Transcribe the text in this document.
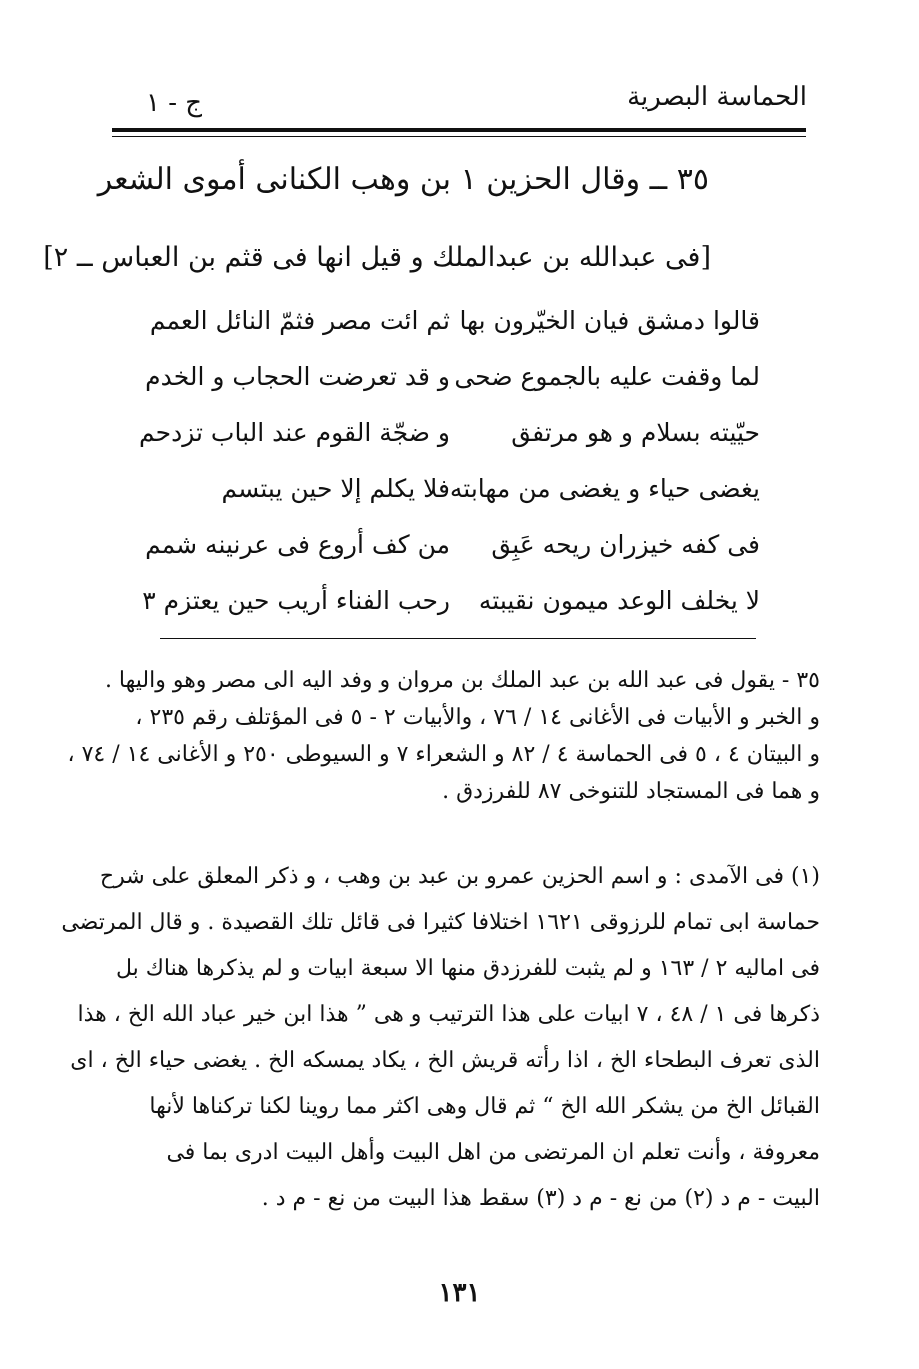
الحماسة البصرية
ج - ١
٣٥ ــ وقال الحزين ١ بن وهب الكنانى أموى الشعر
[فى عبدالله بن عبدالملك و قيل انها فى قثم بن العباس ــ ٢]
قالوا دمشق فيان الخيّرون بها
ثم ائت مصر فثمّ النائل العمم
لما وقفت عليه بالجموع ضحى
و قد تعرضت الحجاب و الخدم
حيّيته بسلام و هو مرتفق
و ضجّة القوم عند الباب تزدحم
يغضى حياء و يغضى من مهابته
فلا يكلم إلا حين يبتسم
فى كفه خيزران ريحه عَبِق
من كف أروع فى عرنينه شمم
لا يخلف الوعد ميمون نقيبته
رحب الفناء أريب حين يعتزم ٣
٣٥ - يقول فى عبد الله بن عبد الملك بن مروان و وفد اليه الى مصر وهو واليها .
و الخبر و الأبيات فى الأغانى ١٤ / ٧٦ ، والأبيات ٢ - ٥ فى المؤتلف رقم ٢٣٥ ،
و البيتان ٤ ، ٥ فى الحماسة ٤ / ٨٢ و الشعراء ٧ و السيوطى ٢٥٠ و الأغانى ١٤ / ٧٤ ،
و هما فى المستجاد للتنوخى ٨٧ للفرزدق .
(١) فى الآمدى : و اسم الحزين عمرو بن عبد بن وهب ، و ذكر المعلق على شرح
حماسة ابى تمام للرزوقى ١٦٢١ اختلافا كثيرا فى قائل تلك القصيدة . و قال المرتضى
فى اماليه ٢ / ١٦٣ و لم يثبت للفرزدق منها الا سبعة ابيات و لم يذكرها هناك بل
ذكرها فى ١ / ٤٨ ، ٧ ابيات على هذا الترتيب و هى ” هذا ابن خير عباد الله الخ ، هذا
الذى تعرف البطحاء الخ ، اذا رأته قريش الخ ، يكاد يمسكه الخ . يغضى حياء الخ ، اى
القبائل الخ من يشكر الله الخ “ ثم قال وهى اكثر مما روينا لكنا تركناها لأنها
معروفة ، وأنت تعلم ان المرتضى من اهل البيت وأهل البيت ادرى بما فى
البيت - م د (٢) من نع - م د (٣) سقط هذا البيت من نع - م د .
١٣١
